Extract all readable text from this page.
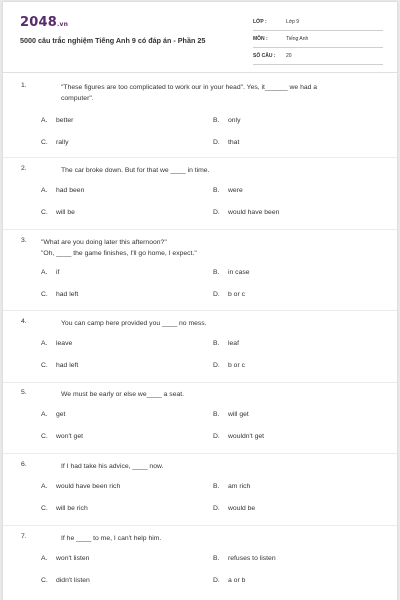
2048.vn
5000 câu trắc nghiệm Tiếng Anh 9 có đáp án - Phần 25
LỚP :	Lớp 9
MÔN :	Tiếng Anh
SỐ CÂU : 20
1.	"These figures are too complicated to work our in your head". Yes, it______ we had a
computer".
A. better	B. only
C. rally	D. that
2.	The car broke down. But for that we ____ in time.
A. had been	B. were
C. will be	D. would have been
3. "What are you doing later this afternoon?"
"Oh, ____ the game finishes, I'll go home, I expect."
A. if	B. in case
C. had left	D. b or c
4.	You can camp here provided you ____ no mess.
A. leave	B. leaf
C. had left	D. b or c
5.	We must be early or else we____ a seat.
A. get	B. will get
C. won't get	D. wouldn't get
6.	If I had take his advice, ____ now.
A. would have been rich	B. am rich
C. will be rich	D. would be
7.	If he ____ to me, I can't help him.
A. won't listen	B. refuses to listen
C. didn't listen	D. a or b
